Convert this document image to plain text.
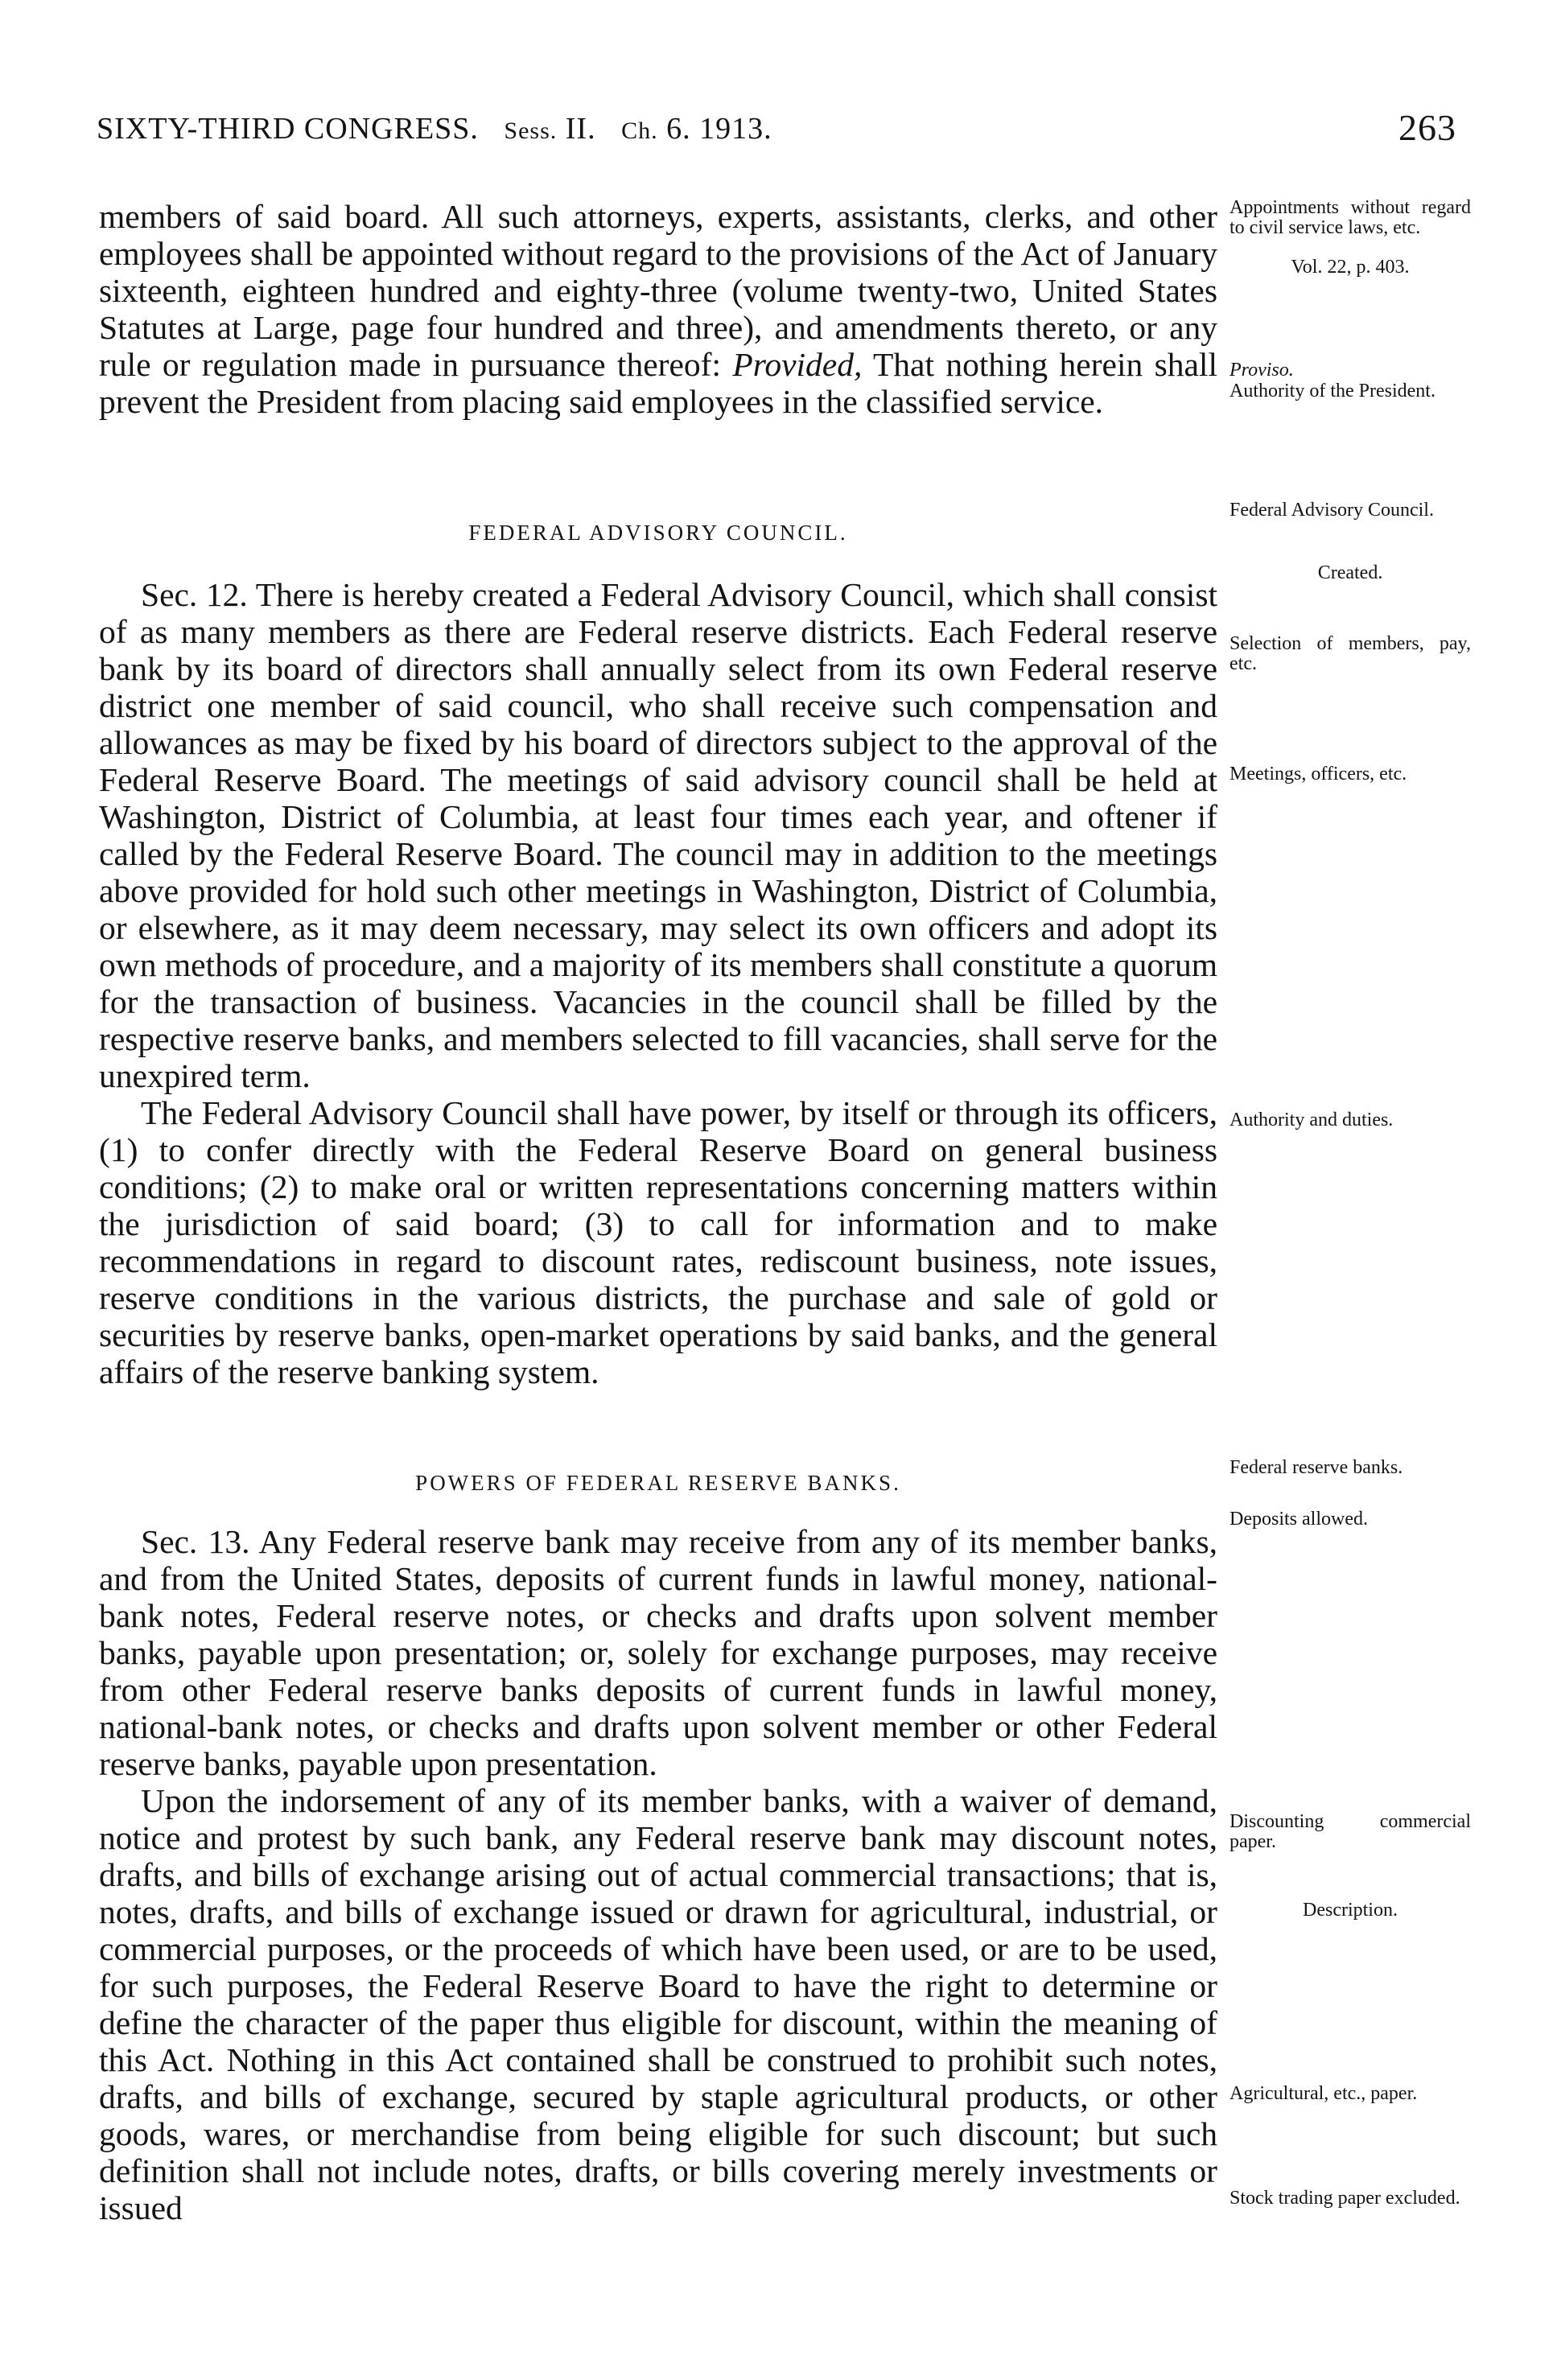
SIXTY-THIRD CONGRESS. Sess. II. Ch. 6. 1913.	263

members of said board. All such attorneys, experts, assistants, clerks, and other employees shall be appointed without regard to the provisions of the Act of January sixteenth, eighteen hundred and eighty-three (volume twenty-two, United States Statutes at Large, page four hundred and three), and amendments thereto, or any rule or regulation made in pursuance thereof: Provided, That nothing herein shall prevent the President from placing said employees in the classified service.

FEDERAL ADVISORY COUNCIL.

Sec. 12. There is hereby created a Federal Advisory Council, which shall consist of as many members as there are Federal reserve districts. Each Federal reserve bank by its board of directors shall annually select from its own Federal reserve district one member of said council, who shall receive such compensation and allowances as may be fixed by his board of directors subject to the approval of the Federal Reserve Board. The meetings of said advisory council shall be held at Washington, District of Columbia, at least four times each year, and oftener if called by the Federal Reserve Board. The council may in addition to the meetings above provided for hold such other meetings in Washington, District of Columbia, or elsewhere, as it may deem necessary, may select its own officers and adopt its own methods of procedure, and a majority of its members shall constitute a quorum for the transaction of business. Vacancies in the council shall be filled by the respective reserve banks, and members selected to fill vacancies, shall serve for the unexpired term.

The Federal Advisory Council shall have power, by itself or through its officers, (1) to confer directly with the Federal Reserve Board on general business conditions; (2) to make oral or written representations concerning matters within the jurisdiction of said board; (3) to call for information and to make recommendations in regard to discount rates, rediscount business, note issues, reserve conditions in the various districts, the purchase and sale of gold or securities by reserve banks, open-market operations by said banks, and the general affairs of the reserve banking system.

POWERS OF FEDERAL RESERVE BANKS.

Sec. 13. Any Federal reserve bank may receive from any of its member banks, and from the United States, deposits of current funds in lawful money, national-bank notes, Federal reserve notes, or checks and drafts upon solvent member banks, payable upon presentation; or, solely for exchange purposes, may receive from other Federal reserve banks deposits of current funds in lawful money, national-bank notes, or checks and drafts upon solvent member or other Federal reserve banks, payable upon presentation.

Upon the indorsement of any of its member banks, with a waiver of demand, notice and protest by such bank, any Federal reserve bank may discount notes, drafts, and bills of exchange arising out of actual commercial transactions; that is, notes, drafts, and bills of exchange issued or drawn for agricultural, industrial, or commercial purposes, or the proceeds of which have been used, or are to be used, for such purposes, the Federal Reserve Board to have the right to determine or define the character of the paper thus eligible for discount, within the meaning of this Act. Nothing in this Act contained shall be construed to prohibit such notes, drafts, and bills of exchange, secured by staple agricultural products, or other goods, wares, or merchandise from being eligible for such discount; but such definition shall not include notes, drafts, or bills covering merely investments or issued

Appointments without regard to civil service laws, etc.
Vol. 22, p. 403.
Proviso.
Authority of the President.
Federal Advisory Council.
Created.
Selection of members, pay, etc.
Meetings, officers, etc.
Authority and duties.
Federal reserve banks.
Deposits allowed.
Discounting commercial paper.
Description.
Agricultural, etc., paper.
Stock trading paper excluded.
